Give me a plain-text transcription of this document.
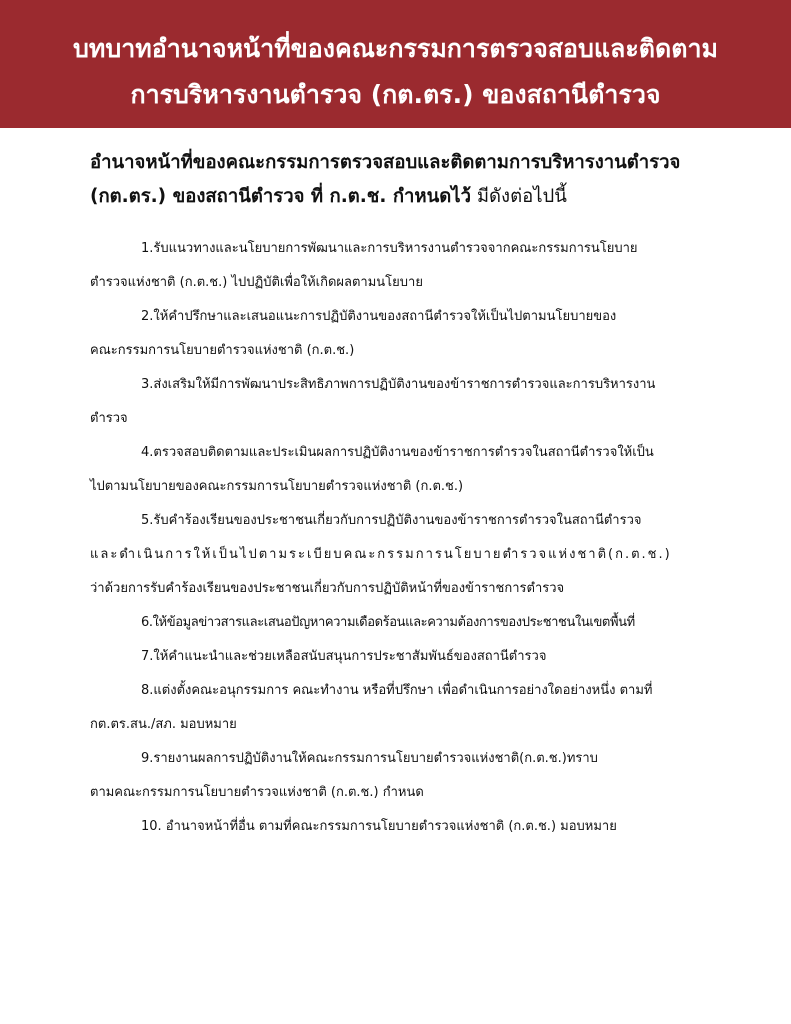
บทบาทอำนาจหน้าที่ของคณะกรรมการตรวจสอบและติดตาม
การบริหารงานตำรวจ (กต.ตร.) ของสถานีตำรวจ
อำนาจหน้าที่ของคณะกรรมการตรวจสอบและติดตามการบริหารงานตำรวจ
(กต.ตร.) ของสถานีตำรวจ ที่ ก.ต.ช. กำหนดไว้ มีดังต่อไปนี้
1.รับแนวทางและนโยบายการพัฒนาและการบริหารงานตำรวจจากคณะกรรมการนโยบาย
ตำรวจแห่งชาติ (ก.ต.ช.) ไปปฏิบัติเพื่อให้เกิดผลตามนโยบาย
2.ให้คำปรึกษาและเสนอแนะการปฏิบัติงานของสถานีตำรวจให้เป็นไปตามนโยบายของ
คณะกรรมการนโยบายตำรวจแห่งชาติ (ก.ต.ช.)
3.ส่งเสริมให้มีการพัฒนาประสิทธิภาพการปฏิบัติงานของข้าราชการตำรวจและการบริหารงาน
ตำรวจ
4.ตรวจสอบติดตามและประเมินผลการปฏิบัติงานของข้าราชการตำรวจในสถานีตำรวจให้เป็น
ไปตามนโยบายของคณะกรรมการนโยบายตำรวจแห่งชาติ (ก.ต.ช.)
5.รับคำร้องเรียนของประชาชนเกี่ยวกับการปฏิบัติงานของข้าราชการตำรวจในสถานีตำรวจ
และดำเนินการให้เป็นไปตามระเบียบคณะกรรมการนโยบายตำรวจแห่งชาติ(ก.ต.ช.)
ว่าด้วยการรับคำร้องเรียนของประชาชนเกี่ยวกับการปฏิบัติหน้าที่ของข้าราชการตำรวจ
6.ให้ข้อมูลข่าวสารและเสนอปัญหาความเดือดร้อนและความต้องการของประชาชนในเขตพื้นที่
7.ให้คำแนะนำและช่วยเหลือสนับสนุนการประชาสัมพันธ์ของสถานีตำรวจ
8.แต่งตั้งคณะอนุกรรมการ คณะทำงาน หรือที่ปรึกษา เพื่อดำเนินการอย่างใดอย่างหนึ่ง ตามที่
กต.ตร.สน./สภ. มอบหมาย
9.รายงานผลการปฏิบัติงานให้คณะกรรมการนโยบายตำรวจแห่งชาติ(ก.ต.ช.)ทราบ
ตามคณะกรรมการนโยบายตำรวจแห่งชาติ (ก.ต.ช.) กำหนด
10. อำนาจหน้าที่อื่น ตามที่คณะกรรมการนโยบายตำรวจแห่งชาติ (ก.ต.ช.) มอบหมาย
